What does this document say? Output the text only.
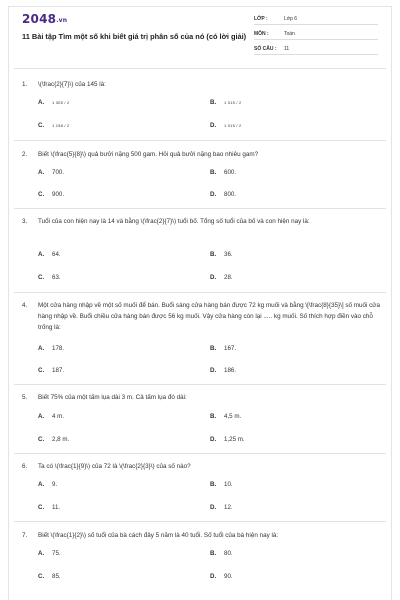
2048.vn
11 Bài tập Tìm một số khi biết giá trị phân số của nó (có lời giải)
LỚP :	Lớp 6
MÔN :	Toán
SỐ CÂU : 11
1. \(\frac{2}{7}\) của 145 là:
A. 1 305 / 2	B. 1 015 / 2
C. 1 158 / 2	D. 1 015 / 2
2. Biết \(\frac{5}{8}\) quả bưởi nặng 500 gam. Hỏi quả bưởi nặng bao nhiêu gam?
A. 700.	B. 600.
C. 900.	D. 800.
3. Tuổi của con hiện nay là 14 và bằng \(\frac{2}{7}\) tuổi bố. Tổng số tuổi của bố và con hiện nay là:
A. 64.	B. 36.
C. 63.	D. 28.
4. Một cửa hàng nhập về một số muối để bán. Buổi sáng cửa hàng bán được 72 kg muối và bằng \[\frac{8}{35}\] số muối cửa hàng nhập về. Buổi chiều cửa hàng bán được 56 kg muối. Vậy cửa hàng còn lại ..... kg muối. Số thích hợp điền vào chỗ trống là:
A. 178.	B. 167.
C. 187.	D. 186.
5. Biết 75% của một tấm lụa dài 3 m. Cả tấm lụa đó dài:
A. 4 m.	B. 4,5 m.
C. 2,8 m.	D. 1,25 m.
6. Ta có \(\frac{1}{9}\) của 72 là \(\frac{2}{3}\) của số nào?
A. 9.	B. 10.
C. 11.	D. 12.
7. Biết \(\frac{1}{2}\) số tuổi của bà cách đây 5 năm là 40 tuổi. Số tuổi của bà hiện nay là:
A. 75.	B. 80.
C. 85.	D. 90.
